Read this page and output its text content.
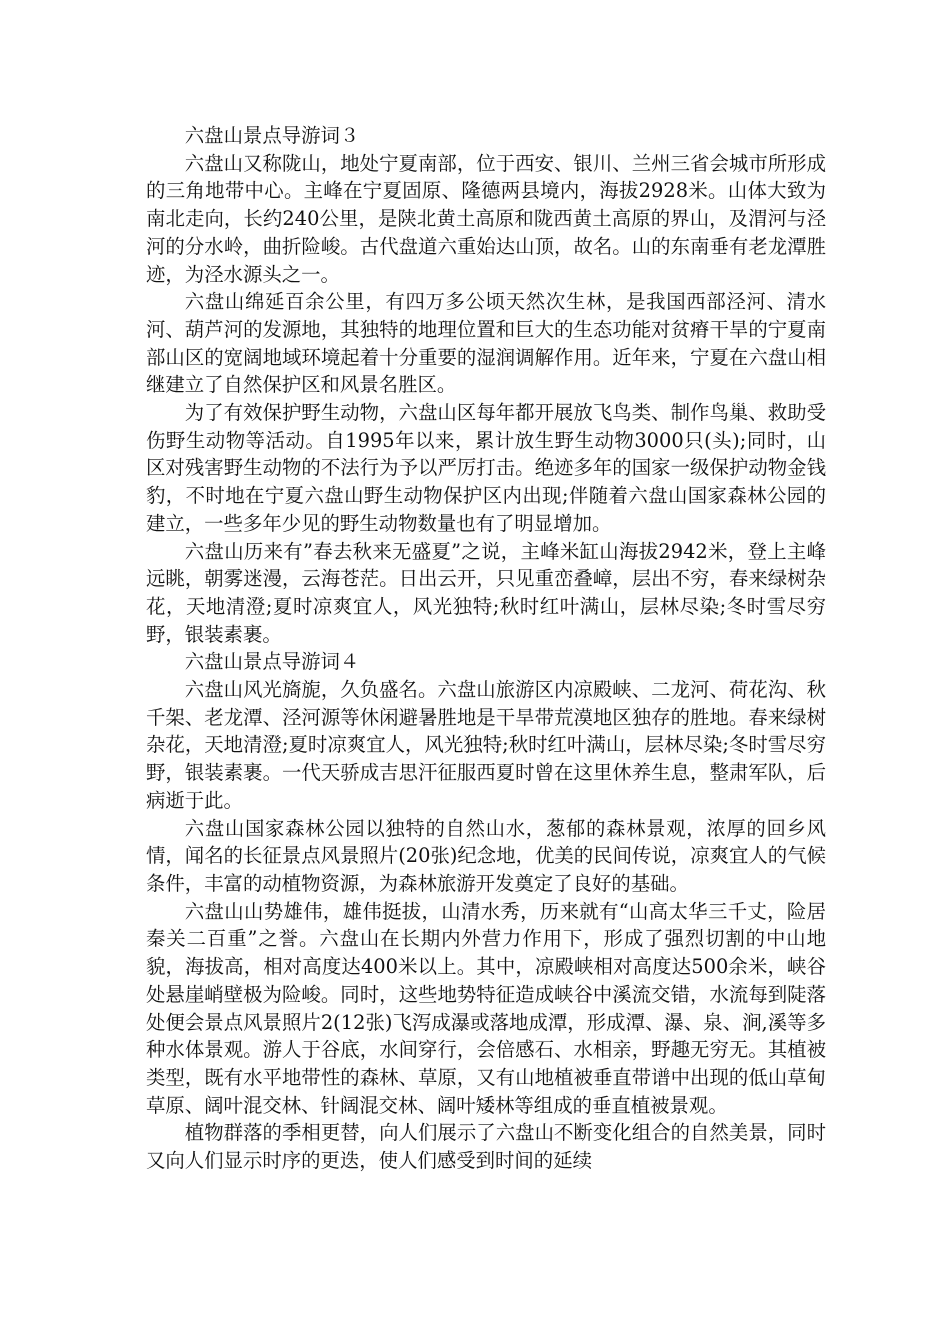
六盘山景点导游词３

六盘山又称陇山，地处宁夏南部，位于西安、银川、兰州三省会城市所形成的三角地带中心。主峰在宁夏固原、隆德两县境内，海拔2928米。山体大致为南北走向，长约240公里，是陕北黄土高原和陇西黄土高原的界山，及渭河与泾河的分水岭，曲折险峻。古代盘道六重始达山顶，故名。山的东南垂有老龙潭胜迹，为泾水源头之一。

六盘山绵延百余公里，有四万多公顷天然次生林，是我国西部泾河、清水河、葫芦河的发源地，其独特的地理位置和巨大的生态功能对贫瘠干旱的宁夏南部山区的宽阔地域环境起着十分重要的湿润调解作用。近年来，宁夏在六盘山相继建立了自然保护区和风景名胜区。

为了有效保护野生动物，六盘山区每年都开展放飞鸟类、制作鸟巢、救助受伤野生动物等活动。自1995年以来，累计放生野生动物3000只(头);同时，山区对残害野生动物的不法行为予以严厉打击。绝迹多年的国家一级保护动物金钱豹，不时地在宁夏六盘山野生动物保护区内出现;伴随着六盘山国家森林公园的建立，一些多年少见的野生动物数量也有了明显增加。

六盘山历来有”春去秋来无盛夏”之说，主峰米缸山海拔2942米，登上主峰远眺，朝雾迷漫，云海苍茫。日出云开，只见重峦叠嶂，层出不穷，春来绿树杂花，天地清澄;夏时凉爽宜人，风光独特;秋时红叶满山，层林尽染;冬时雪尽穷野，银装素裹。

六盘山景点导游词４

六盘山风光旖旎，久负盛名。六盘山旅游区内凉殿峡、二龙河、荷花沟、秋千架、老龙潭、泾河源等休闲避暑胜地是干旱带荒漠地区独存的胜地。春来绿树杂花，天地清澄;夏时凉爽宜人，风光独特;秋时红叶满山，层林尽染;冬时雪尽穷野，银装素裹。一代天骄成吉思汗征服西夏时曾在这里休养生息，整肃军队，后病逝于此。

六盘山国家森林公园以独特的自然山水，葱郁的森林景观，浓厚的回乡风情，闻名的长征景点风景照片(20张)纪念地，优美的民间传说，凉爽宜人的气候条件，丰富的动植物资源，为森林旅游开发奠定了良好的基础。

六盘山山势雄伟，雄伟挺拔，山清水秀，历来就有“山高太华三千丈，险居秦关二百重”之誉。六盘山在长期内外营力作用下，形成了强烈切割的中山地貌，海拔高，相对高度达400米以上。其中，凉殿峡相对高度达500余米，峡谷处悬崖峭壁极为险峻。同时，这些地势特征造成峡谷中溪流交错，水流每到陡落处便会景点风景照片2(12张)飞泻成瀑或落地成潭，形成潭、瀑、泉、涧,溪等多种水体景观。游人于谷底，水间穿行，会倍感石、水相亲，野趣无穷无。其植被类型，既有水平地带性的森林、草原，又有山地植被垂直带谱中出现的低山草甸草原、阔叶混交林、针阔混交林、阔叶矮林等组成的垂直植被景观。

植物群落的季相更替，向人们展示了六盘山不断变化组合的自然美景，同时又向人们显示时序的更迭，使人们感受到时间的延续
